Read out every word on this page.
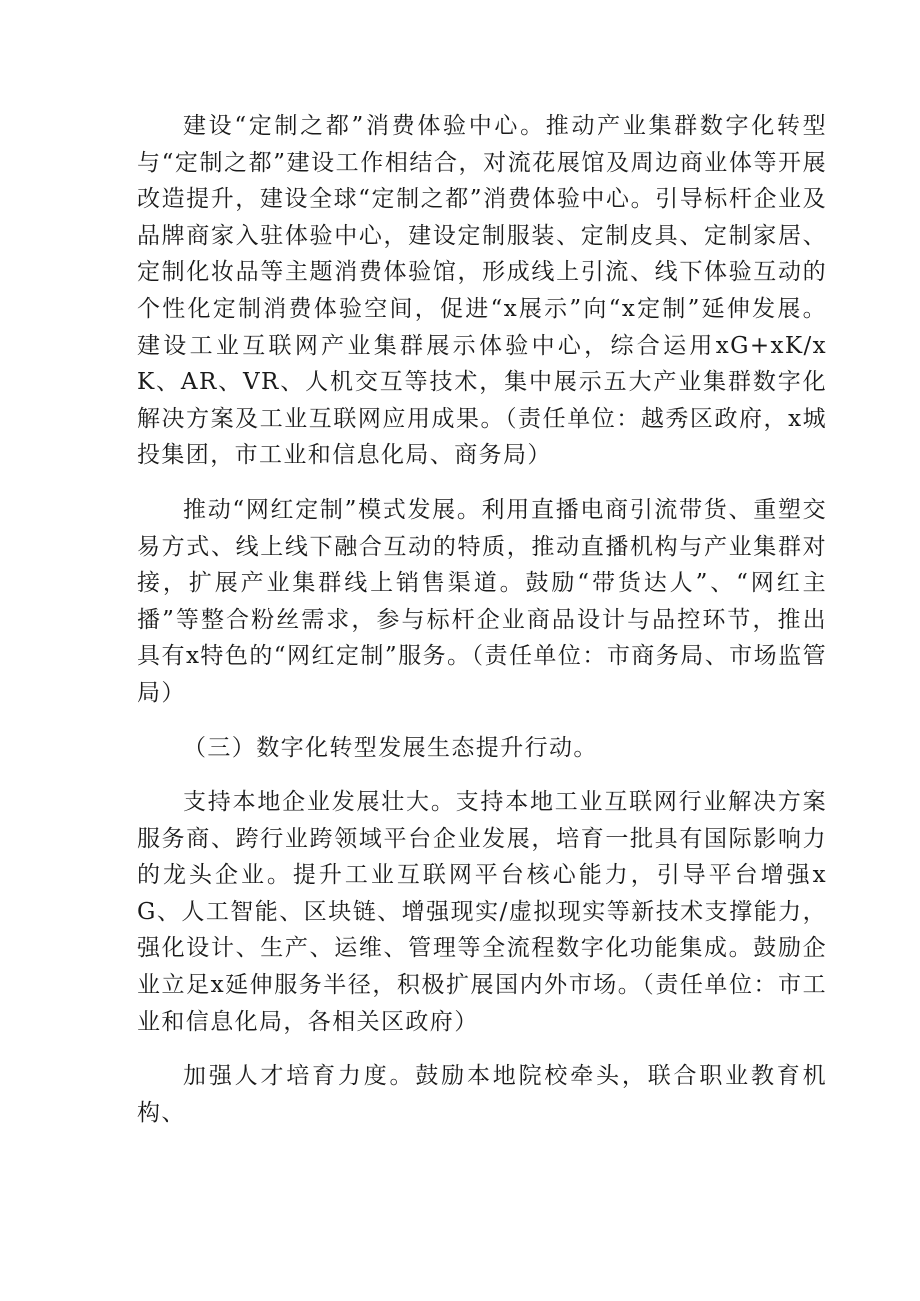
建设“定制之都”消费体验中心。推动产业集群数字化转型与“定制之都”建设工作相结合，对流花展馆及周边商业体等开展改造提升，建设全球“定制之都”消费体验中心。引导标杆企业及品牌商家入驻体验中心，建设定制服装、定制皮具、定制家居、定制化妆品等主题消费体验馆，形成线上引流、线下体验互动的个性化定制消费体验空间，促进“x展示”向“x定制”延伸发展。建设工业互联网产业集群展示体验中心，综合运用xG+xK/xK、AR、VR、人机交互等技术，集中展示五大产业集群数字化解决方案及工业互联网应用成果。（责任单位：越秀区政府，x城投集团，市工业和信息化局、商务局）

推动“网红定制”模式发展。利用直播电商引流带货、重塑交易方式、线上线下融合互动的特质，推动直播机构与产业集群对接，扩展产业集群线上销售渠道。鼓励“带货达人”、“网红主播”等整合粉丝需求，参与标杆企业商品设计与品控环节，推出具有x特色的“网红定制”服务。（责任单位：市商务局、市场监管局）

（三）数字化转型发展生态提升行动。

支持本地企业发展壮大。支持本地工业互联网行业解决方案服务商、跨行业跨领域平台企业发展，培育一批具有国际影响力的龙头企业。提升工业互联网平台核心能力，引导平台增强xG、人工智能、区块链、增强现实/虚拟现实等新技术支撑能力，强化设计、生产、运维、管理等全流程数字化功能集成。鼓励企业立足x延伸服务半径，积极扩展国内外市场。（责任单位：市工业和信息化局，各相关区政府）

加强人才培育力度。鼓励本地院校牵头，联合职业教育机构、
